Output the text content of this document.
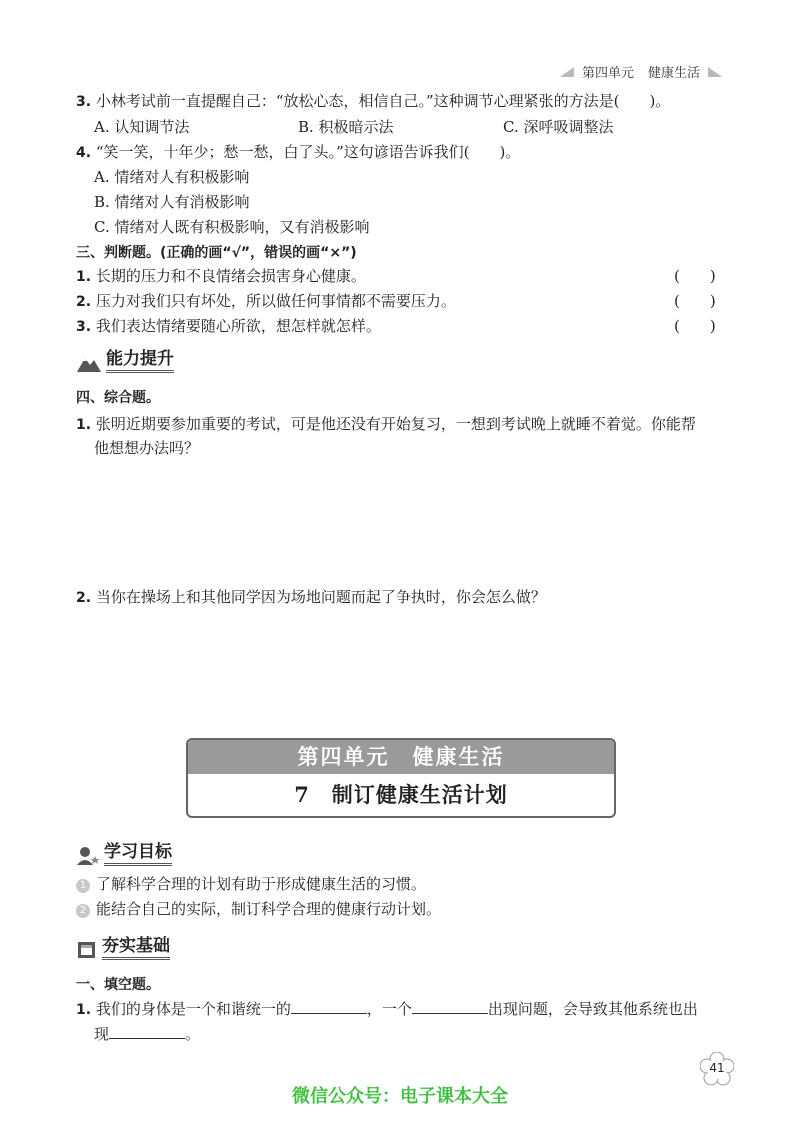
第四单元 健康生活
3. 小林考试前一直提醒自己：“放松心态，相信自己。”这种调节心理紧张的方法是(　　)。
A. 认知调节法	B. 积极暗示法	C. 深呼吸调整法
4. “笑一笑，十年少；愁一愁，白了头。”这句谚语告诉我们(　　)。
A. 情绪对人有积极影响
B. 情绪对人有消极影响
C. 情绪对人既有积极影响，又有消极影响
三、判断题。(正确的画“√”，错误的画“×”)
1. 长期的压力和不良情绪会损害身心健康。	(　　)
2. 压力对我们只有坏处，所以做任何事情都不需要压力。	(　　)
3. 我们表达情绪要随心所欲，想怎样就怎样。	(　　)
能力提升
四、综合题。
1. 张明近期要参加重要的考试，可是他还没有开始复习，一想到考试晚上就睡不着觉。你能帮
他想想办法吗？
2. 当你在操场上和其他同学因为场地问题而起了争执时，你会怎么做？
第四单元　健康生活
7　制订健康生活计划
学习目标
1 了解科学合理的计划有助于形成健康生活的习惯。
2 能结合自己的实际，制订科学合理的健康行动计划。
夯实基础
一、填空题。
1. 我们的身体是一个和谐统一的	，一个	出现问题，会导致其他系统也出
现	。
41
微信公众号：电子课本大全
